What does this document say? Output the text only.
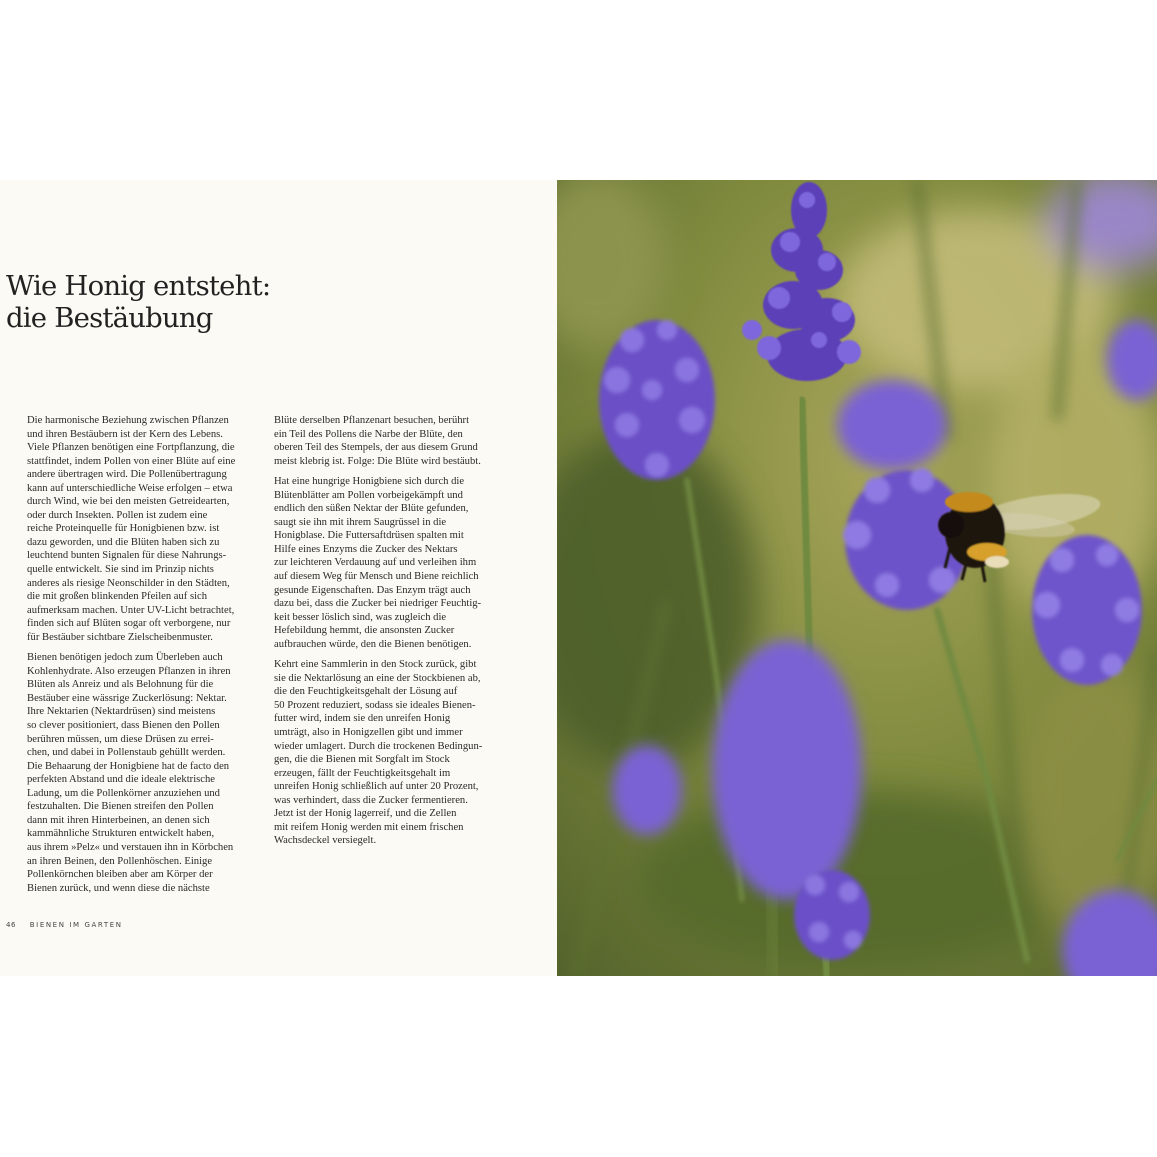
Wie Honig entsteht:
die Bestäubung

Die harmonische Beziehung zwischen Pflanzen
und ihren Bestäubern ist der Kern des Lebens.
Viele Pflanzen benötigen eine Fortpflanzung, die
stattfindet, indem Pollen von einer Blüte auf eine
andere übertragen wird. Die Pollenübertragung
kann auf unterschiedliche Weise erfolgen – etwa
durch Wind, wie bei den meisten Getreidearten,
oder durch Insekten. Pollen ist zudem eine
reiche Proteinquelle für Honigbienen bzw. ist
dazu geworden, und die Blüten haben sich zu
leuchtend bunten Signalen für diese Nahrungs-
quelle entwickelt. Sie sind im Prinzip nichts
anderes als riesige Neonschilder in den Städten,
die mit großen blinkenden Pfeilen auf sich
aufmerksam machen. Unter UV-Licht betrachtet,
finden sich auf Blüten sogar oft verborgene, nur
für Bestäuber sichtbare Zielscheibenmuster.

Bienen benötigen jedoch zum Überleben auch
Kohlenhydrate. Also erzeugen Pflanzen in ihren
Blüten als Anreiz und als Belohnung für die
Bestäuber eine wässrige Zuckerlösung: Nektar.
Ihre Nektarien (Nektardrüsen) sind meistens
so clever positioniert, dass Bienen den Pollen
berühren müssen, um diese Drüsen zu errei-
chen, und dabei in Pollenstaub gehüllt werden.
Die Behaarung der Honigbiene hat de facto den
perfekten Abstand und die ideale elektrische
Ladung, um die Pollenkörner anzuziehen und
festzuhalten. Die Bienen streifen den Pollen
dann mit ihren Hinterbeinen, an denen sich
kammähnliche Strukturen entwickelt haben,
aus ihrem »Pelz« und verstauen ihn in Körbchen
an ihren Beinen, den Pollenhöschen. Einige
Pollenkörnchen bleiben aber am Körper der
Bienen zurück, und wenn diese die nächste

Blüte derselben Pflanzenart besuchen, berührt
ein Teil des Pollens die Narbe der Blüte, den
oberen Teil des Stempels, der aus diesem Grund
meist klebrig ist. Folge: Die Blüte wird bestäubt.

Hat eine hungrige Honigbiene sich durch die
Blütenblätter am Pollen vorbeigekämpft und
endlich den süßen Nektar der Blüte gefunden,
saugt sie ihn mit ihrem Saugrüssel in die
Honigblase. Die Futtersaftdrüsen spalten mit
Hilfe eines Enzyms die Zucker des Nektars
zur leichteren Verdauung auf und verleihen ihm
auf diesem Weg für Mensch und Biene reichlich
gesunde Eigenschaften. Das Enzym trägt auch
dazu bei, dass die Zucker bei niedriger Feuchtig-
keit besser löslich sind, was zugleich die
Hefebildung hemmt, die ansonsten Zucker
aufbrauchen würde, den die Bienen benötigen.

Kehrt eine Sammlerin in den Stock zurück, gibt
sie die Nektarlösung an eine der Stockbienen ab,
die den Feuchtigkeitsgehalt der Lösung auf
50 Prozent reduziert, sodass sie ideales Bienen-
futter wird, indem sie den unreifen Honig
umträgt, also in Honigzellen gibt und immer
wieder umlagert. Durch die trockenen Bedingun-
gen, die die Bienen mit Sorgfalt im Stock
erzeugen, fällt der Feuchtigkeitsgehalt im
unreifen Honig schließlich auf unter 20 Prozent,
was verhindert, dass die Zucker fermentieren.
Jetzt ist der Honig lagerreif, und die Zellen
mit reifem Honig werden mit einem frischen
Wachsdeckel versiegelt.

46 BIENEN IM GARTEN
